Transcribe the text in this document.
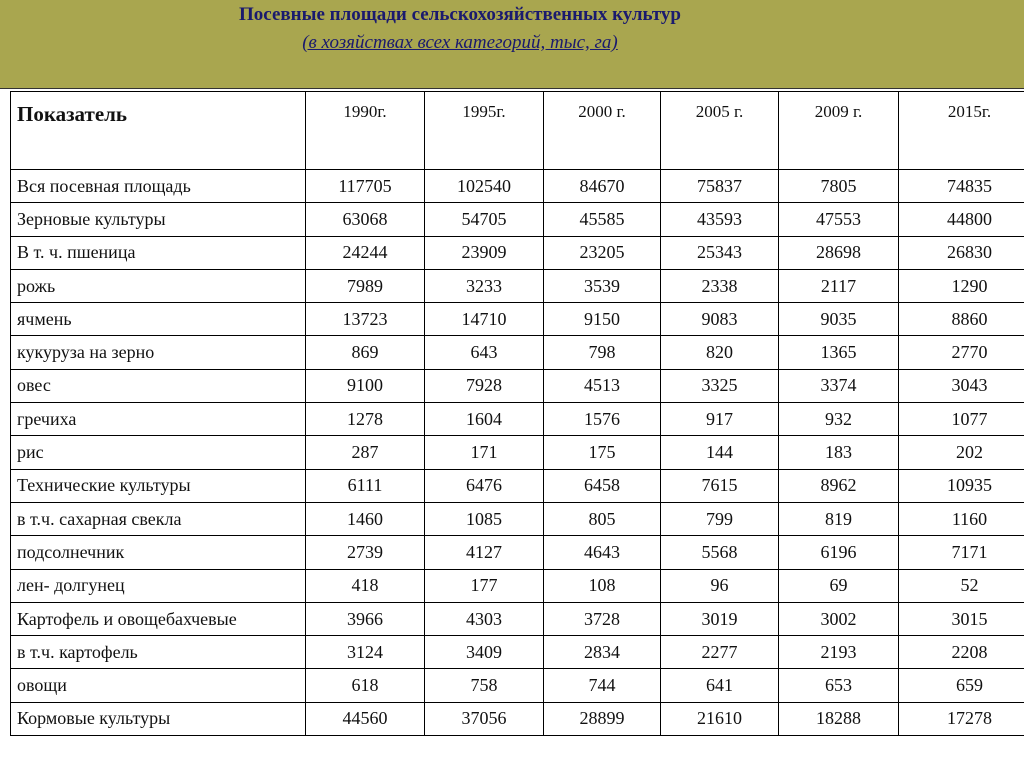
Посевные площади сельскохозяйственных культур
(в хозяйствах всех категорий, тыс, га)
Показатель	1990г.	1995г.	2000 г.	2005 г.	2009 г.	2015г.
Вся посевная площадь	117705	102540	84670	75837	7805	74835
Зерновые культуры	63068	54705	45585	43593	47553	44800
В т. ч. пшеница	24244	23909	23205	25343	28698	26830
рожь	7989	3233	3539	2338	2117	1290
ячмень	13723	14710	9150	9083	9035	8860
кукуруза на зерно	869	643	798	820	1365	2770
овес	9100	7928	4513	3325	3374	3043
гречиха	1278	1604	1576	917	932	1077
рис	287	171	175	144	183	202
Технические культуры	6111	6476	6458	7615	8962	10935
в т.ч. сахарная свекла	1460	1085	805	799	819	1160
подсолнечник	2739	4127	4643	5568	6196	7171
лен- долгунец	418	177	108	96	69	52
Картофель и овощебахчевые	3966	4303	3728	3019	3002	3015
в т.ч. картофель	3124	3409	2834	2277	2193	2208
овощи	618	758	744	641	653	659
Кормовые культуры	44560	37056	28899	21610	18288	17278
